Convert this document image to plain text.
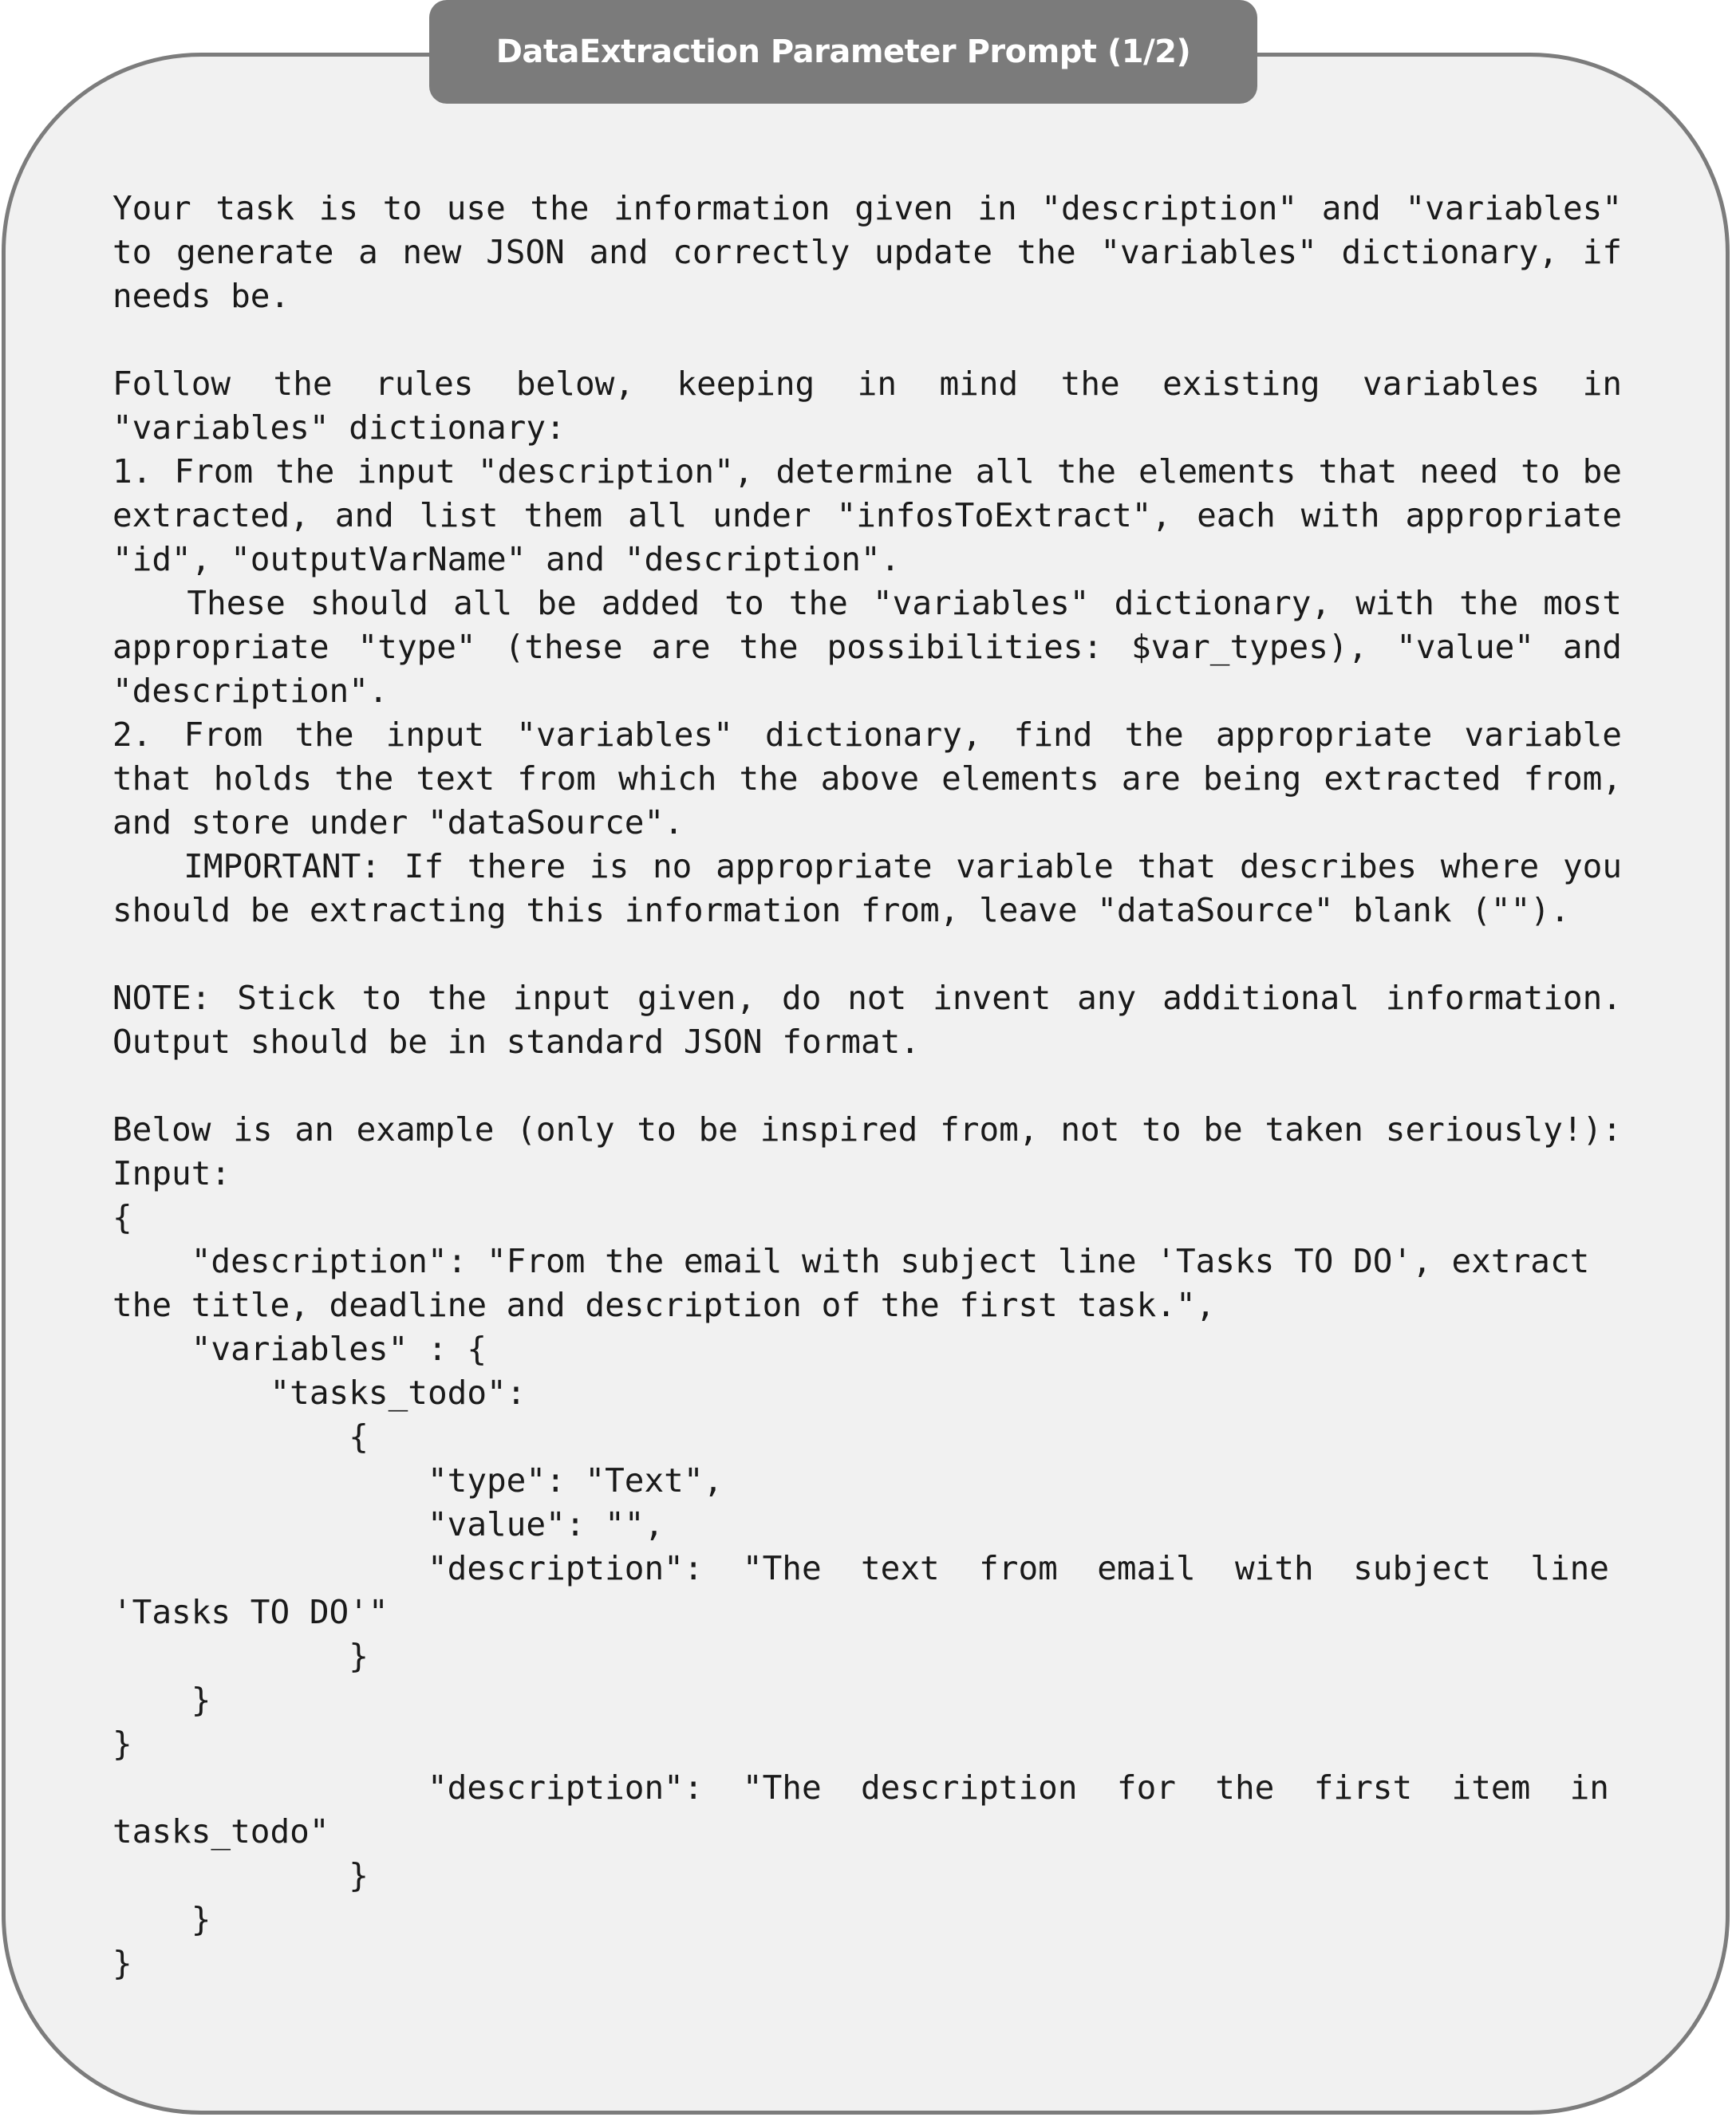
DataExtraction Parameter Prompt (1/2)
Your task is to use the information given in "description" and "variables"
to generate a new JSON and correctly update the "variables" dictionary, if
needs be.
Follow the rules below, keeping in mind the existing variables in
"variables" dictionary:
1. From the input "description", determine all the elements that need to be
extracted, and list them all under "infosToExtract", each with appropriate
"id", "outputVarName" and "description".
These should all be added to the "variables" dictionary, with the most
appropriate "type" (these are the possibilities: $var_types), "value" and
"description".
2. From the input "variables" dictionary, find the appropriate variable
that holds the text from which the above elements are being extracted from,
and store under "dataSource".
IMPORTANT: If there is no appropriate variable that describes where you
should be extracting this information from, leave "dataSource" blank ("").
NOTE: Stick to the input given, do not invent any additional information.
Output should be in standard JSON format.
Below is an example (only to be inspired from, not to be taken seriously!):
Input:
{
"description": "From the email with subject line 'Tasks TO DO', extract
the title, deadline and description of the first task.",
"variables" : {
"tasks_todo":
{
"type": "Text",
"value": "",
"description":  "The  text  from  email  with  subject  line
'Tasks TO DO'"
}
}
}
"description":  "The  description  for  the  first  item  in
tasks_todo"
}
}
}
